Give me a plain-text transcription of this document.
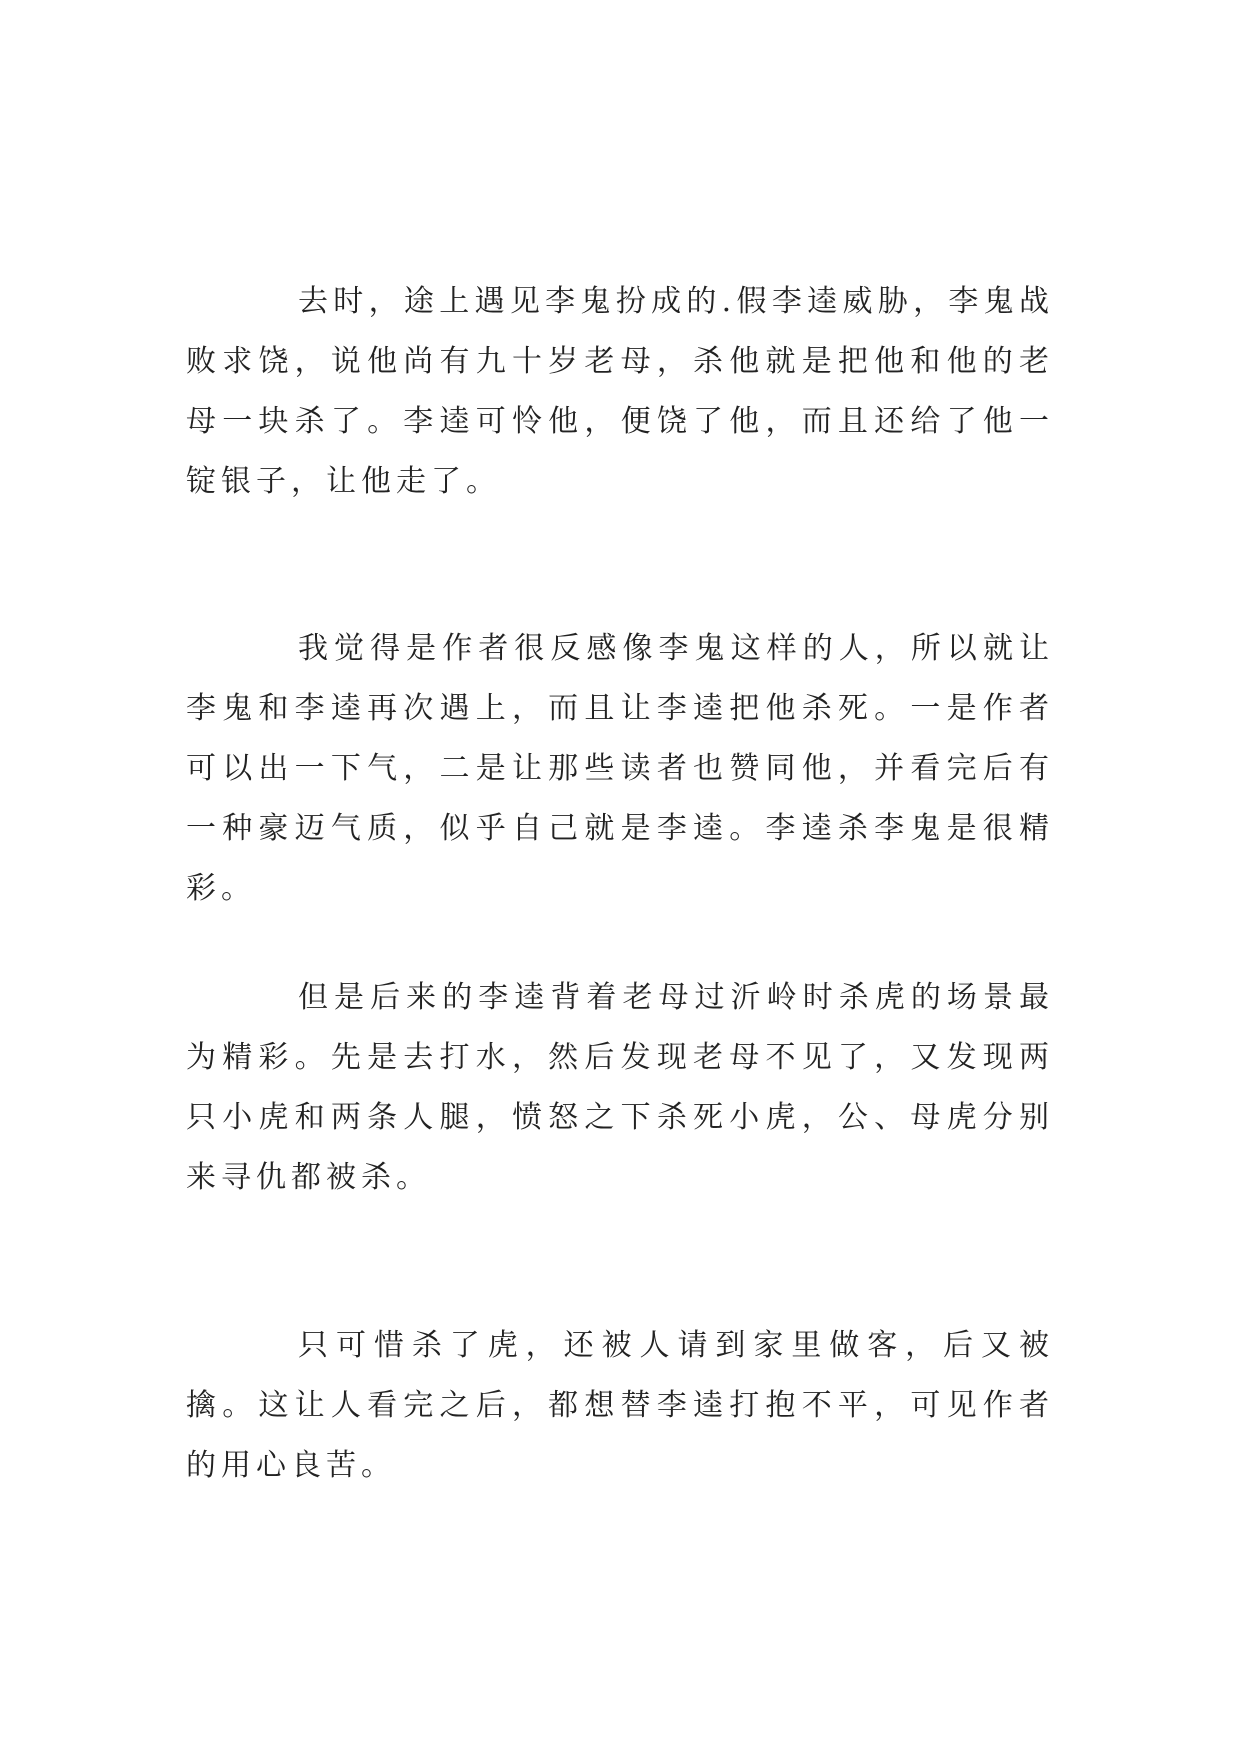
去时，途上遇见李鬼扮成的.假李逵威胁，李鬼战败求饶，说他尚有九十岁老母，杀他就是把他和他的老母一块杀了。李逵可怜他，便饶了他，而且还给了他一锭银子，让他走了。

我觉得是作者很反感像李鬼这样的人，所以就让李鬼和李逵再次遇上，而且让李逵把他杀死。一是作者可以出一下气，二是让那些读者也赞同他，并看完后有一种豪迈气质，似乎自己就是李逵。李逵杀李鬼是很精彩。

但是后来的李逵背着老母过沂岭时杀虎的场景最为精彩。先是去打水，然后发现老母不见了，又发现两只小虎和两条人腿，愤怒之下杀死小虎，公、母虎分别来寻仇都被杀。

只可惜杀了虎，还被人请到家里做客，后又被擒。这让人看完之后，都想替李逵打抱不平，可见作者的用心良苦。
